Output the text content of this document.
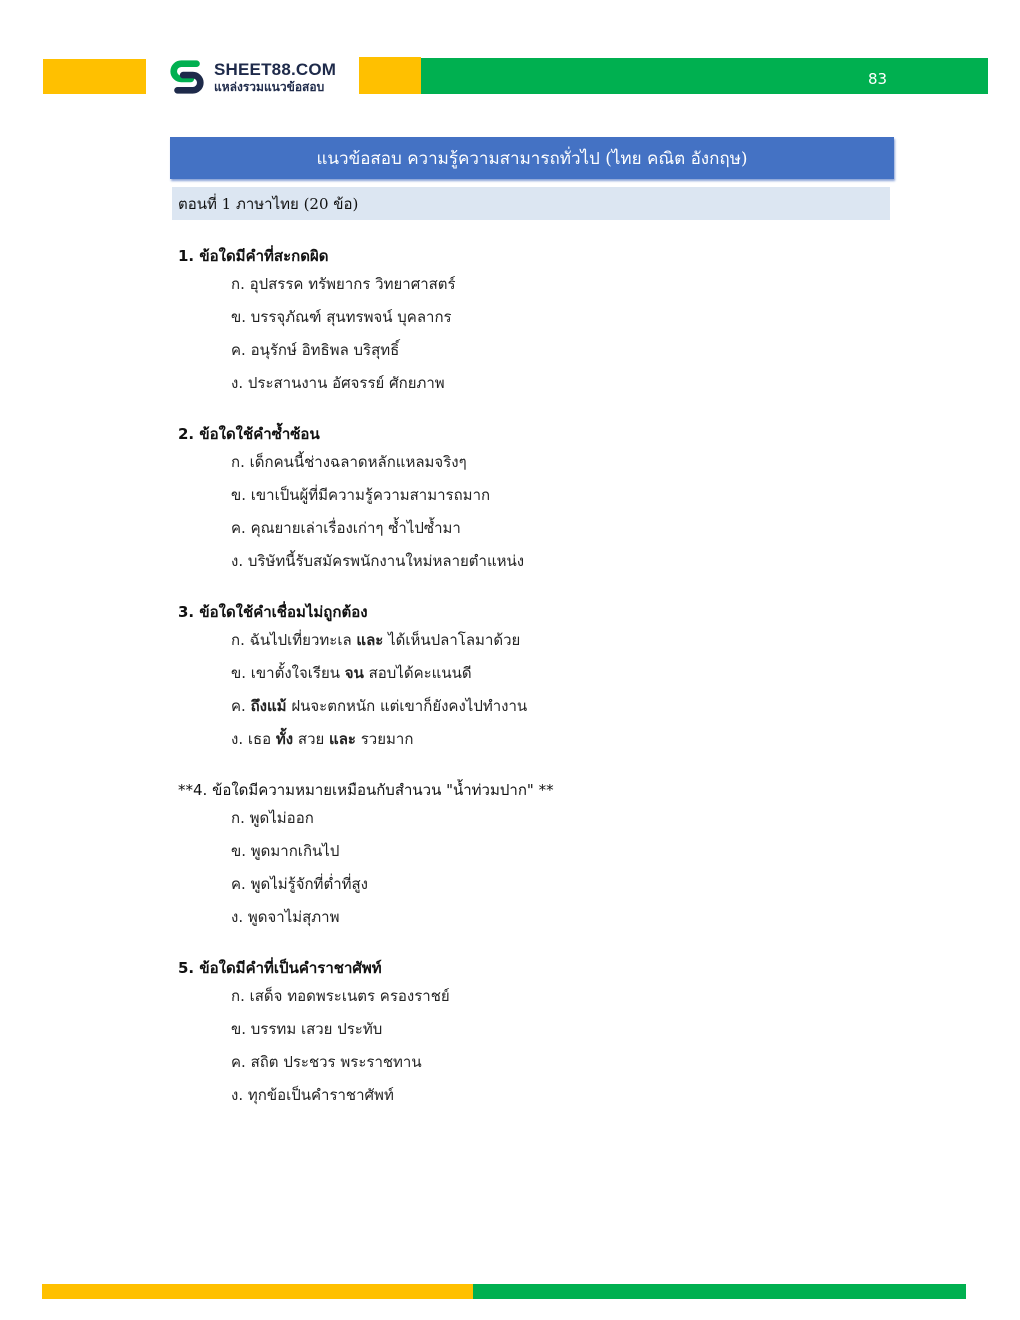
83
SHEET88.COM
แหล่งรวมแนวข้อสอบ
แนวข้อสอบ ความรู้ความสามารถทั่วไป (ไทย คณิต อังกฤษ)
ตอนที่ 1 ภาษาไทย (20 ข้อ)
1. ข้อใดมีคำที่สะกดผิด
ก. อุปสรรค ทรัพยากร วิทยาศาสตร์
ข. บรรจุภัณฑ์ สุนทรพจน์ บุคลากร
ค. อนุรักษ์ อิทธิพล บริสุทธิ์
ง. ประสานงาน อัศจรรย์ ศักยภาพ
2. ข้อใดใช้คำซ้ำซ้อน
ก. เด็กคนนี้ช่างฉลาดหลักแหลมจริงๆ
ข. เขาเป็นผู้ที่มีความรู้ความสามารถมาก
ค. คุณยายเล่าเรื่องเก่าๆ ซ้ำไปซ้ำมา
ง. บริษัทนี้รับสมัครพนักงานใหม่หลายตำแหน่ง
3. ข้อใดใช้คำเชื่อมไม่ถูกต้อง
ก. ฉันไปเที่ยวทะเล และ ได้เห็นปลาโลมาด้วย
ข. เขาตั้งใจเรียน จน สอบได้คะแนนดี
ค. ถึงแม้ ฝนจะตกหนัก แต่เขาก็ยังคงไปทำงาน
ง. เธอ ทั้ง สวย และ รวยมาก
**4. ข้อใดมีความหมายเหมือนกับสำนวน "น้ำท่วมปาก" **
ก. พูดไม่ออก
ข. พูดมากเกินไป
ค. พูดไม่รู้จักที่ต่ำที่สูง
ง. พูดจาไม่สุภาพ
5. ข้อใดมีคำที่เป็นคำราชาศัพท์
ก. เสด็จ ทอดพระเนตร ครองราชย์
ข. บรรทม เสวย ประทับ
ค. สถิต ประชวร พระราชทาน
ง. ทุกข้อเป็นคำราชาศัพท์
